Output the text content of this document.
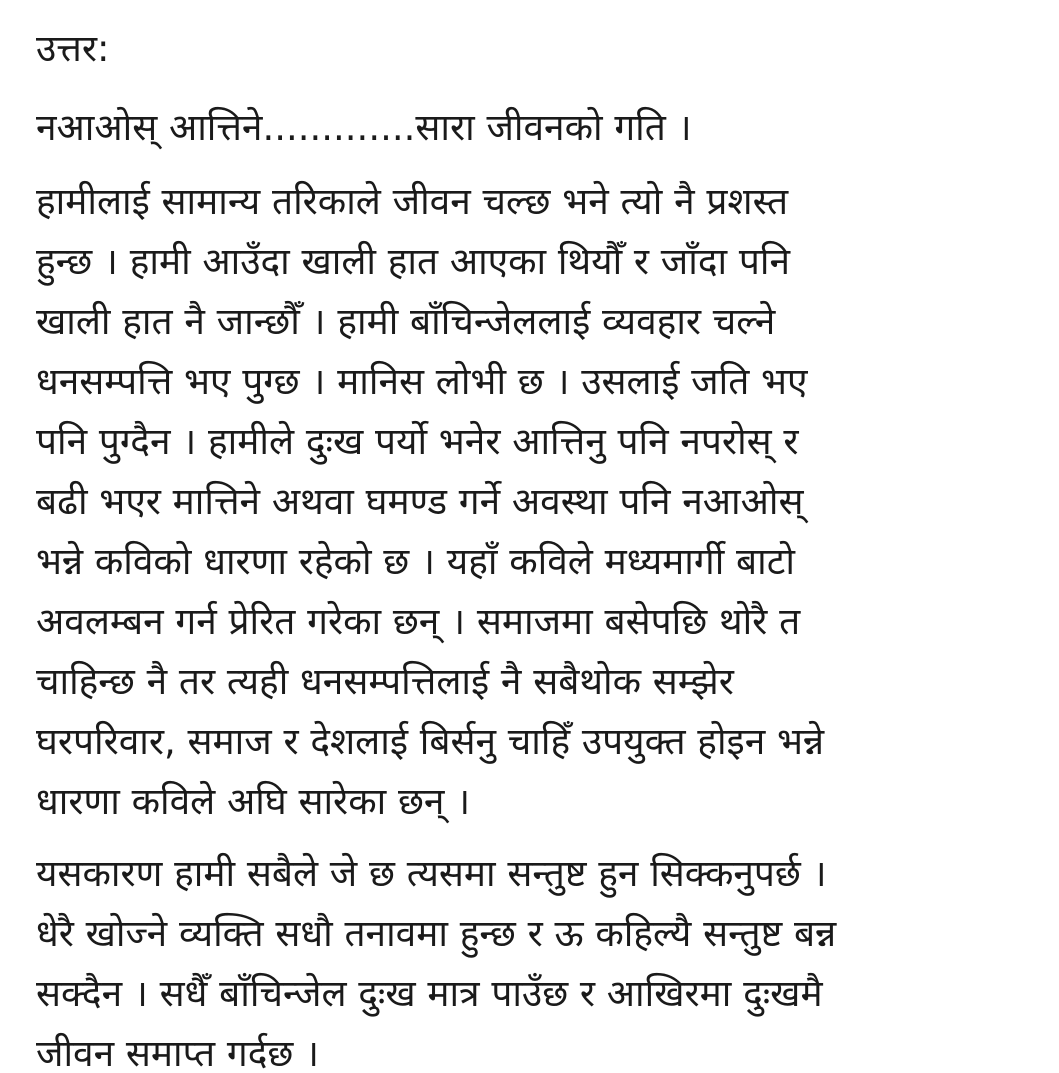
उत्तर:
नआओस् आत्तिने.............सारा जीवनको गति ।
हामीलाई सामान्य तरिकाले जीवन चल्छ भने त्यो नै प्रशस्त
हुन्छ । हामी आउँदा खाली हात आएका थियौँ र जाँदा पनि
खाली हात नै जान्छौँ । हामी बाँचिन्जेललाई व्यवहार चल्ने
धनसम्पत्ति भए पुग्छ । मानिस लोभी छ । उसलाई जति भए
पनि पुग्दैन । हामीले दुःख पर्यो भनेर आत्तिनु पनि नपरोस् र
बढी भएर मात्तिने अथवा घमण्ड गर्ने अवस्था पनि नआओस्
भन्ने कविको धारणा रहेको छ । यहाँ कविले मध्यमार्गी बाटो
अवलम्बन गर्न प्रेरित गरेका छन् । समाजमा बसेपछि थोरै त
चाहिन्छ नै तर त्यही धनसम्पत्तिलाई नै सबैथोक सम्झेर
घरपरिवार, समाज र देशलाई बिर्सनु चाहिँ उपयुक्त होइन भन्ने
धारणा कविले अघि सारेका छन् ।
यसकारण हामी सबैले जे छ त्यसमा सन्तुष्ट हुन सिक्कनुपर्छ ।
धेरै खोज्ने व्यक्ति सधौ तनावमा हुन्छ र ऊ कहिल्यै सन्तुष्ट बन्न
सक्दैन । सधैँ बाँचिन्जेल दुःख मात्र पाउँछ र आखिरमा दुःखमै
जीवन समाप्त गर्दछ ।
